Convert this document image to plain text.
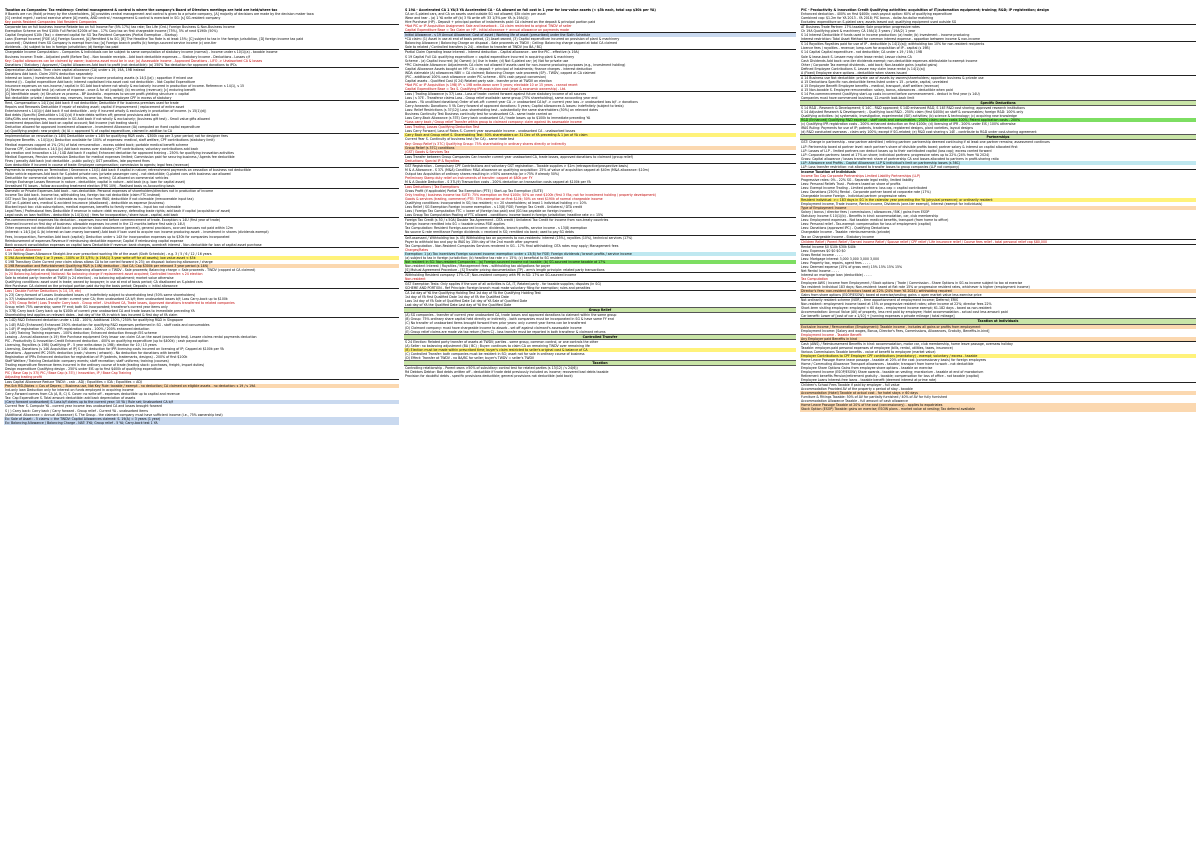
Taxation as Companies: Tax residency: Central management & control is where the company's Board of Directors meetings are held are held/where tax
If Boards are run (Hold) primary by the shareholders, [A] provides central management and control is given to a private company, [A] majority of decisions are made by the decision maker taxa
[G] central mgmt / control exercise where [A] meets, AND central / management & control is exercised in SG: [s] SG-resident company
Key points Resident Companies: Not Resident Companies
Corporate tax on full business income Rebate tax on full Income For (5% 17%) tax rate; Tax Life (Ord.) Foreign Business & Non-Business Income
Exemption Scheme on first $100k Full Partial $200k of tax - 17% Corp tax on first chargeable income (75%), 5% of next $190k (50%)
Capital Employed $10k (Tax) = deemed capital for SG Tax Resident Companies (Partial Exemption - Startup)
Loan (Exempt Income) [FSIE (A)] Foreign Sourced, [A] Remitted $ to SG; [B] The Headline Tax Rate is at least 15%; [C] subject to tax in the foreign jurisdiction, [D] foreign income tax paid
(sourced) ; Dividend from SG Company is exempt from tax; [a] Foreign branch profits (b) foreign-sourced service income (c) one-tier
dividends - (b) subject to tax in foreign jurisdiction; (d) foreign tax paid
Chargeable Income Computation: - Companies & Individuals can be subject to same computation of statutory income (normal) - Income under s 10(1)(a) - taxable income
Business income: Trade - Adjusted profit (Before Tax) - Non taxable receipts - Add back deductible expenses ... Statutory Income - Deductions - Losses c/f
Key: Capital allowances can be claimed by owner; business asset must be in use; (a) Assessable income - Approved Donations - LIFO -> Unabsorbed CA & losses
Donations / Statutory / Approved / Capital Allowances Add back to profit (not deductible): (a) 250% Tax deduction for approved donations to IPCs
Depreciation Add back. Then claim capital allowance (CA) under s 19, 19A, 19B instead
Donations Add back. Claim 250% deduction separately
Interest on loans / investments Add back if loan for non-income producing assets (s 14(1)(a)) ; apportion if mixed use
Interest (i) - Capital expenditure Add back; interest capitalised into asset cost not deductible: - Not Capital Expenditure
Insurance expenses on non-income / capital in SG Add back where not wholly & exclusively incurred in production of income. Reference: s 14(1), s 15
[A] Revenue vs capital test: (a) nature of expense - once & for all (capital); (b) recurring (revenue); [c] enduring benefit
[D] Identifiable asset; (e) Structure vs process - BP Australia - expenses to secure profit-yielding structure = capital
Not deductible: private / domestic exp, reserves, income tax, fines, employee CPF in excess of statutory
Rent, Compensation s 14(1)(a) Add back if not deductible; Deductible if for business premises used for trade
Repairs and Renewals Deductible if repair of existing asset; capital if improvement / replacement of entire asset
Entertainment s 14(1)(r) Add back if not deductible - only if incurred wholly & exclusively in production of income. (s 15(1)(d))
Bad debts (Specific) Deductible s 14(1)(d) if trade debts written off; general provisions add back
Gifts/Gifts and employees, recoverable in SG Add back if not wholly & exclusively; (business gift test) - Small value gifts allowed
Investment deposition Add back on capital account; Not income (not trading stock)
Deduction allowed for approved investment allowance - Investment Allowance (IA) computed on fixed capital expenditure
(a) Qualifying project: new project; (b) IA = approved % of capital expenditure, claimed in addition to CA
Implementation on renovation (s 14N) Deductible under s 14N for qualifying R&R costs - $300k cap per 3-year period; not for designer fees
Employee Benefits - s 14(1)(a) Deduction available for 100% of expenses: medical, staff welfare, CPF contributions (statutory limit)
Medical expenses capped at 1% (2%) of total remuneration - excess added back; portable medical benefit scheme
Escrow CPF, Contributions s 14(1)(c) Add back excess over statutory CPF contributions; voluntary contributions add back
Job creation and Innovation s 14 / 14D Add back if capital; Enhanced deduction for approved training - 250% for qualifying innovation activities
Medical Expenses, Pension commission Deduction for medical expenses limited; Commission paid for securing business / Agents fee deductible
Fines / penalty Add back (not deductible - public policy); GST penalties, late payment fines
Sum deductible if incurred in course of trade: Employee compensation; commission to agents; legal fees (revenue)
Payments to employees on Termination / Severance s 14(1) Add back if capital in nature; retrenchment payments on cessation of business not deductible
Motor vehicle expenses Add back for S-plated private cars (private passenger cars) - not deductible; Q-plated cars with business use allowed
Deductible for commercial vehicles (goods vehicles, vans, lorries); CA allowed on commercial vehicles
Foreign Exchange Losses Revenue in nature - deductible; capital in nature - add back (e.g. loan for capital asset)
Unrealised FX losses - follow accounting treatment election (FRS 109) - Realised basis vs Accounting basis
Domestic or Private Expenses Add back - non-deductible. Personal expenses of shareholders/directors not in production of income
Income Tax Add back. Income tax, withholding tax, foreign tax not deductible (claim FTC instead)
GST Input Tax (paid) Add back if claimable as input tax from IRAS; deductible if not claimable (irrecoverable input tax)
GST on S-plated cars, medical & accident insurance (disallowed) - deductible as expense (business)
Blocked input tax: club subscriptions, medical expenses, benefits to family members - Input tax not claimable
Legal Fees / Professional fees Deductible if revenue in nature: debt recovery, defending trade rights; add back if capital (acquisition of asset)
Legal costs on loan facilities - deductible (s 14(1)(a)) ; fees for incorporation / share issue - capital, add back
Pre-commencement expenses No deduction - expenses incurred before commencement of trade. Exception: s 14U (first year of trade)
Deemed incurred on first day of business: allowable expenses incurred in the 12 months before first sale (s 14U)
Other expenses not deductible Add back: provision for stock obsolescence (general), general provisions, accrued bonuses not paid within 12m
(Interest: s 14(1)(a) & (b) interest on loan money borrowed) Add back if loan used to acquire non income producing asset: - investment in shares (dividends exempt)
Fees, Incorporation, Formation Add back (capital); Deduction under s 14X for incorporation expenses up to $30k for companies incorporated
Reimbursement of expenses Revenue if reimbursing deductible expense; Capital if reimbursing capital expense
Bank account consolidation expenses on capital loans Deductible if revenue: bank charges, overdraft interest - Non-deductible for loan of capital asset purchase
Loss Capital Allowance
S 19 Writing Down Allowance Straight-line over prescribed working life of the asset (Sixth Schedule) - e.g. 3 / 5 / 6 / 12 / 16 years
S 19A Accelerated Only 1 or 3 years - 100% or 33 1/3%; (s 19A(1) 3-year write off for all assets); low value asset < $5k
S 19B Transitory Claim Current year claim allows allows CA to be carried forward (s 23); on disposal: balancing allowance / charge
S 19B Renovation and Refurbishment Qualifying R&R (s 14N) deduction - Not CA; Cap $300k per relevant 3 year period (s 14N)
Balancing adjustment on disposal of asset: Balancing allowance = TWDV - Sale proceeds; Balancing charge = Sale proceeds - TWDV (capped at CA claimed)
(s 20 Balancing Adjustment) Notional: No balancing charge if replacement asset acquired; Controlled transfer: s 24 election
Sale to related party: transfer at TWDV (s 24 election) - no balancing adjustment; market value otherwise
Qualifying conditions: asset used in trade; owned by taxpayer; in use at end of basis period; CA disallowed on S-plated cars
Hire Purchase: CA claimed on the principal portion paid during the basis period; Deposits = initial allowance
Loss / Double Further Deductions (s 14, 19, etc)
(s 23) Carry-forward of Losses Unabsorbed losses c/f indefinitely subject to shareholding test (50% same shareholders)
(s 37) Unabsorbed losses Loss c/f order: current year CA; then unabsorbed CA b/f; then unabsorbed losses b/f; Loss Carry-back up to $100k
(s 37E) Group Relief / Loss Transfer Carry back - Group relief - Unutilised CA, Trade losses, Approved donations transferred to related companies
Group relief: 75% ownership; same FY end; both SG incorporated; transferor's current year items only
(s 37B) Carry back Carry back up to $100k of current year unabsorbed CA and trade losses to immediate preceding YA
Shareholding test applies on relevant dates - last day of the YA in which loss incurred & first day of YA claim
(s 14D) R&D Enhanced deduction under s 14D - 100%; Additional 150% / 250% for qualifying R&D in Singapore
(s 14E) R&D (Enhanced) Enhanced 250% deduction for qualifying R&D expenses performed in SG - staff costs and consumables
(s 14F) IP registration Qualifying IPR registration costs - 100% / 200% enhanced deduction
(s 14H) Training Training expenses - 100% deduction; Enhanced deduction through EIS scheme
Leasing - Annual allowance (s 19) Hire Purchase equipment Only lessor can claim CA on the asset (ownership test). Lessee claims rental payments deduction
PIC - Productivity & Innovation Credit Enhanced deduction - 400% on qualifying expenditure (up to $400k) ; cash payout option
Licensing, Royalties (s 19B) Qualifying IP - 5 year write-down (s 19B); election for 10 / 15 years
Licensing, Donations (s 14K Acquisition of IP) S 14K: deduction for IPR licensing costs incurred on licensing of IP; Capped at $100k per YA
Donations - Approved IPC 250% deduction (cash / shares / artwork) - No deduction for donations with benefit
Registration of IPRs Enhanced deduction for registration of IP (patents, trademarks, designs) - 200% of first $100k
Staff Welfare / Training Deductible: company events; staff recreation; staff uniforms; training (courses)
Trading expenditure Revenue items incurred in the ordinary course of trade (trading stock: purchases, freight, import duties)
Design expenditure Qualifying design - 250% under EIS up to first $400k of qualifying expenditure
PIC / Base Cap (s 37I) PIC / Base Cap (s 37I) / Innovation, IP / Base Cap Training
Adjusting trading profit
Loss Capital Allowance Reduce TWDV: - calc - ADJ ; Equalities = IDA ; Equalities = ADJ
Pre-Sch RSL/Notes = Cos of Deprec, ; Business use, Not Key Rule: taxable / exempt - no deduction; CA claimed on eligible assets - no deduction: s 19 / s 19A
Ind-only loan Deduction only for interest on funds employed in acquiring income
Carry-Forward comes from CA (A, B, C) S. Cover: no write off - expenses deductible up to capital and revenue
Tax: Cap Expenditure S. Total amount deductible: add back depreciation of assets
(Carry forward unabsorbed) S. Loss b/f claims up to the current year: 10 YA / Rule set; Unabsorbed CA b/f
Current Year S. Compute YA - current year income less unabsorbed CA and losses brought forward
S ( ) Carry back: Carry back / Carry forward - Group relief - Current YA - unabsorbed items
(Additional Allowance = Annual Allowance) S. The Group - the claimant company must have sufficient income (i.e., 75% ownership test)
Ex: Sale of Asset: - 5 claims = the TWDV: Capital Allowances claimed: S. 19(A) = 3 years (1 year)
Ex: Balancing Allowance / Balancing Charge - NAT: 3YA; Group relief - 5 YA; Carry-back test 1 YA
S 19A - Accelerated CA 1 YA/3 YA Accelerated CA - CA allowed on full cost in 1 year for low-value assets (< $5k each, total cap $30k per YA)
CA on S-plated cars, and CA on assets used outside SG not allowed; $5k claim per asset
Wear and tear - (a) 1 YA write off (b) 3 YA write off: 33 1/3% per YA (s 19A(1))
Hire Purchase (HP) - Deposit + principal portion of instalments paid: CA claimed on the deposit & principal portion paid
*Not PIC or IP Acquisition Assignment Sale and leaseback - CA claim restricted to original TWDV of seller
Capital Expenditure Base = Tax Claim on HP - initial allowance + annual allowance on payments made
Initial Allowance - s 19 Annual Allowance: Cost of asset / Working life of asset (prescribed) under the Sixth Schedule
*CA claim: (1) Asset in use at end of basis period, (2) Asset owned, (3) Capital expenditure incurred on provision of plant & machinery
Balancing Allowance / Balancing Charge on disposal - Sale proceeds vs TWDV ; Ceiling: Balancing charge capped at total CA claimed
Sale to related / Controlled transfers (s 24) - election to transfer at TWDV (no BA / BC)
Partial Claim Operating lease interest - Interest deduction - Capital allowance - see the PIC - effective (s 19A)
S 19 Capital Full CA: qualifying expenditure = capital expenditure incurred in acquiring plant & machinery
Scheme - (a) Capital incurred; (b) Owned; (c) Use in trade; (d) Not S-plated car; (e) Not for private use
*PIC Claimable Allowance: Adjustments CA claim not allowed if assets used for non-income producing purposes (e.g., investment holding)
Capital Allowance Assets bought on HP: CA = deposit + principal of instalments; finance charges - interest deduction
WDA claimable (A) allowances NBV = CA claimed; Balancing Charge: sale proceeds (SP) - TWDV, capped at CA claimed
(PIC - additional 100% cash allowance under PIC scheme - 60% cash payout conversion)
Capital assets - Qualified Cost (S 24) Related party sale - transfer price at TWDV on election
*Not PIC or IP Acquisition (s 19B) IP: s 19B write-down over 5 years; electable 10 or 15 years - cannot revert
Capital Expenditure Base = Tax S. Qualifying IPR acquisition cost (legal & economic ownership) - Ltd.
Loss / Trading Allowance (s 37) Loss - Loss of trade: carried forward against future statutory income of all sources
Loss / s 37E - Transferor claims Loss - Group relief available: same group (75% shareholding), same accounting year end
(Losses - YA unutilised donations) Order of set-off: current year CA -> unabsorbed CA b/f -> current year loss -> unabsorbed loss b/f -> donations
Carry-forwards: Donations: 5 YA Carry forward of approved donations: 5 years; Capital allowances & losses: indefinitely (subject to tests)
Loss: Relief Restrictions (s 37(12)) Loss: shareholding test - substantially the same shareholders (50%) on relevant dates
Business Continuity Test Business continuity test for unabsorbed CA - same trade carried on
Loss Carry-Back Allowance (s 37E) Carry back unabsorbed CA / trade losses up to $100k to immediate preceding YA
*Loss carry back / Group relief Transfer within group to claimant company: claim against its assessable income
Loss Trading, Losses Qualifying Deduction Test
Loss Carry Forward, Loss of Rates S. Current year assessable income - unabsorbed CA - unabsorbed losses
Carry Back and Group relief S. Shareholding Test: 50% shareholders on 31 Dec of YA preceding & 1 Jan of YA claim
Current Year S. Continuity of business test (for CA) - same trade test
Key: Group Relief (s 37C) Qualifying Group: 75% shareholding in ordinary shares directly or indirectly
Group Relief (s 37C) conditions
(GST) Goods & Services Tax
Loss Transfer between Group Companies Can transfer current year unabsorbed CA, trade losses, approved donations to claimant (group relief)
Deductions: Special IP & Royalties
GST Registration - Compulsory CPF Contributions and voluntary GST registration - Taxable supplies > $1m (retrospective/prospective basis)
M & A Allowance - S 37L (M&A) Condition: M&A allowance on qualifying acquisition: 25% of value of acquisition capped at $40m (M&A allowance: $10m)
Output tax Acquisition of ordinary shares resulting in >50% ownership (or >75% if already 50%)
Preliminary Stamp duty relief on instruments of transfer: capped at $80k per FY
M & A Double Deduction - S 37L(9) Transaction costs - 200% deduction on transaction costs capped at $100k per YA
Loss Deductions / Tax Exemptions
Gross Profit (if applicable) Partial Tax Exemption (PTE) / Start-up Tax Exemption (SUTE)
Only trading / business income tax SUTE: 75% exemption on first $100k; 50% on next $100k (first 3 YAs; not for investment holding / property development)
Goods & services (trading, commerce) PTE: 75% exemption on first $10k; 50% on next $190k of normal chargeable income
Qualifying conditions: incorporated in SG; tax resident; <= 20 shareholders; at least 1 individual holding >= 10%
Less Relief / SG Exemption Foreign income exemption - s 13(8) FSIE; Foreign Tax Credit - Unilateral / DTA credit
Loss / Foreign Tax Computation FTC = lower of (foreign tax paid) and (SG tax payable on foreign income)
Loss Group Tax Computation Pooling of FTC allowed - conditions: income taxed in foreign jurisdiction; headline rate >= 15%
Foreign Tax Credit (s 50 / s 50A) Double Tax Agreement - DTA credit / Unilateral Tax Credit for income from non-treaty countries
Foreign income remitted into SG = taxable unless FSIE applies
Tax Computation: Resident Foreign-sourced income: dividends, branch profits, service income - s 13(8) exemption
No source & rate remittance Foreign dividends = received in SG; remitted via bank; used to pay SG debts
Self-assessed / Withholding tax (s 45) Withholding tax on payments to non-residents: interest (15%), royalties (10%), technical services (17%)
Payer to withhold tax and pay to IRAS by 15th day of the 2nd month after payment
Tax Computation - Non-Resident Companies Services rendered in SG - 17% final withholding; DTA rates may apply; Management fees
Charges/Rates
Exemption: 1 (a) Tax incentives Foreign sourced income: exemption under s 13(8) for FSIE; Foreign dividends / branch profits / service income
(a) subject to tax in foreign jurisdiction; (b) headline tax rate >= 15%; (c) beneficial to SG resident
Not resident in SG: Non-resident Companies - (a) Foreign-sourced income not taxable; (b) SG-sourced income taxable at 17%
Non-resident Interest / Royalties / Management fees - withholding tax obligations for payer
[S] Mutual Agreement Procedure - [S] Transfer pricing documentation (TP) - arm's length principle: related party transactions
Withholding Resident company: 17% CIT; Non-resident company with PE in SG: 17% on SG-sourced income
Non-resident
GST Exemption Tests: Only applies if the sum of all activities is CA, IT, Related party - for taxable supplies; disputes (in SG)
SCHEME AND PORTION - Ref Principle: Foreign branch must make voluntary filing for exemption; rules and penalties
CA 1st day of YA the Qualifying Holding Test 1st day of YA the Qualifying Holding Test
1st day of YA first Qualified Date 1st day of YA the Qualified Date
Loss 1st day of YA Sale of Qualified Date 1st day of YA Sale of Qualified Date
Last day of YA the Qualified Date Last day of YA the Qualified Date
Group Relief
(A) SG companies - transfer of current year unabsorbed CA, trade losses and approved donations to claimant within the same group
(B) Group: 75% ordinary share capital held directly or indirectly - both companies must be incorporated in SG & have same FY end
(C) No transfer of unabsorbed items brought forward from prior years: only current year items can be transferred
(D) Claimant company: must have chargeable income to absorb - set off against claimant's assessable income
(E) Group relief claims are made via tax return (Form C) - loss transfer must be reported in both transferor & claimant returns
Controlled Transfer
S 24 Election: Related party transfer of assets at TWDV; parties - same group, common control, or one controls the other
(A) Seller: no balancing adjustment (BA / BC) ; Buyer: continues to claim CA on remaining TWDV over remaining life
(B) Election must be made within prescribed time; buyer's claim restricted to seller's original cost & balance of CA
(C) Controlled Transfer: both companies must be resident in SG; asset not for sale in ordinary course of business
(D) Effect: Transfer at TWDV - no BA/BC for seller; buyer's TWDV = seller's TWDV
Taxation
Controlling relationship - Parent owns >50% of subsidiary: control test for related parties (s 13(12) / s 24(6))
Rd Debtors Debtor: Bad debts written off - deductible if trade debt previously included as income; recovered bad debts taxable
Provision for doubtful debts - specific provisions deductible; general provisions not deductible (add back)
PIC - Productivity & Innovation Credit Qualifying activities: acquisition of IT/automation equipment; training; R&D; IP registration; design
Enhanced deduction - 400% on first $400k; cash payout option: 60% of qualifying expenditure
Combined cap: $1.2m for YA 2013 - YA 2018; PIC bonus - dollar-for-dollar matching
Excludes: expenditure on S-plated cars; assets leased out; qualifying equipment used outside SG
AT Business Trade Partner: 17% taxable; Sole proprietor: progressive rates
Ch 19A Qualifying plant & machinery CA 19A(1) 3 years / 19A(2) 1 year
S 14 Interest Deductible if funds used in income production: (a) trade; (b) investment - income producing
Interest restriction: Total Asset Method for common interest expense - apportion between income & non-income
S 14 Royalties Royalties paid for use of IP - deductible (s 14(1)(a)); withholding tax 10% for non-resident recipients
Licence fees / royalties - revenue; lump-sum for acquisition of IP - capital (s 19B)
S 14 Capital Capital expenditure - not deductible; CA under s 19 / 19A / 19B
Sale & lease-back S. Lessee may claim lease rental; Lessor claims CA
Cash Dividends Add back: one-tier dividends exempt; non-deductible expenses attributable to exempt income
Other / Corporate Tax exempt dividends - add back; Non-taxable gains (capital gains)
Defined Employee Contributions S. Lessee may claim lease rental (s 14(1)(a))
A (Fixed) Employee share options - deductible when shares issued
A 14 Business use Not deductible: private use of assets by owners/shareholders; apportion business & private use
A 15 Deductions Specific non-deductible items listed under s 15 - private, capital, unrelated
A 15 Employee Benefit Employee benefits - medical, transport, staff welfare (revenue)
A 15 Non-taxable S. Employee remuneration: salary, bonus, allowances - deductible when paid
S 14 Pre-commencement Qualifying start-up costs incurred before commencement - deduct in first year (s 14U)
Companies must have commenced business; 12-month look-back limit
Specific Deductions
S 14 R&D - Research & Development; S 14C - R&D approved; S 14D enhanced R&D, S 14E R&D cost sharing; approved research institutions
S 14 Adjusted Research & Development; - Qualifying local R&D - 250% claim (first $400k) on staff & consumables; foreign R&D: 100% only
Qualifying activities: (a) systematic, investigative, experimental (SIE) activities; (b) science & technology; (c) acquiring new knowledge
R&D (Enhanced) Qualifying R&D expense - staff costs and consumables - 250% claim; other costs 100%; Patent application costs - 200%
(c) Qualifying IPR registration costs - 200% enhanced deduction on first $100k; (d) licensing of IPR - 200% under EIS / 100% otherwise
IRAS Ruling: Payments for use of IP; patents, trademarks, registered designs, plant varieties, layout designs
(d) R&D conducted overseas - claim only 100%; except if SG-related; (e) R&D cost sharing s 14E - contribute to R&D under cost-sharing agreement
Partnerships
GST: Change in partnership - new partner admitted / retiring partner: partnership deemed continuing if at least one partner remains; assessment continues
LLP: Partnership taxed at partner level: each partner's share of divisible profits taxed; partner salary & interest on capital allocated first
LLP: Losses of LLP - limited partners can deduct losses up to their contributed capital (loss cap); excess carried forward
LLP: Corporate partners: taxed at 17% on share; individual partners: progressive rates up to 22% (24% from YA 2024)
Gross: Capital allowance / losses transferred: share of partnership CA and losses allocated to partners in profit-sharing ratio
LLP: Allowance and Profits - Capital Allowance: LLP & individual's limit on partnership losses (s 36C)
LLP: Loss transfer restriction: not allowed to transfer losses to group companies (LLP not company)
Income Taxation of Individuals
Income Tax Cap Corporate Partnerships Limited Liability Partnerships (LLP)
Progressive rates: 0% - 22% SG - Separate legal entity, limited liability
Less: Personal Reliefs Trust - Partners taxed on share of profits
Less: Exempt Income Trading - Limited partners: loss cap = capital contributed
Less: Donations (250%) Rental - Corporate partner taxed at corporate rate (17%)
Chargeable Income Foreign - Individual partner: progressive rates
Resident individual: >= 183 days in SG in the calendar year preceding the YA (physical presence); or ordinarily resident
Employment income, Trade income, Rental income, Dividends (one-tier exempt), Interest (exempt for individuals)
Type of Employment Income
Salary / bonus / director fees / commissions / allowances / BIK / gains from ESOP
Statutory Income S 10(1)(b) - Benefits in kind: accommodation, car, club membership
Less: Employment expenses - Not taxable: medical benefits, transport (from home to office)
Less: Personal relief - Tax-exempt: compensation for loss of employment (capital)
Less: Donations (approved IPC) - Qualifying Deductions
Chargeable Income - Taxable: reimbursements (private)
Tax on Chargeable Income - Statutory income
Children Relief / Parent Relief / Earned income Relief / Spouse relief / CPF relief / Life insurance relief / Course fees relief - total personal relief cap $80,000
Rental Income $0 $10k $30k $40k
Less: Expenses $0 $0 $0 $0
Gross Rental income - - - -
Less: Mortgage interest 3,000 3,000 3,000 3,000
Less: Property tax, repairs, agent fees - - - -
Less: Deemed expense (15% of gross rent) 15% 15% 15% 15%
Net Rental Income - - - -
Interest on mortgage loan (deductible) - - - -
Tax Computation
Employee AWS / Income from Employment / Stock options / Trade / Commission - Share Options in SG as income subject to tax at exercise
Tax resident: Individual 183 days; Non-resident: taxed at flat rate 15% or progressive resident rates, whichever is higher (employment income)
Director's fees: non-resident directors taxed at 22% (24% from YA 2024); withholding required
Gains from share options (ESOP/ESOW): taxed at exercise/vesting; gains = open market value less exercise price
Not ordinarily resident scheme (NOR) - time apportionment of employment income; Deferral; ERIS
Non-resident: employment income taxed at 15% or progressive resident rates; other income at 22%; director fees 22%
Short-term visiting employee: employed < 60 days - employment income exempt; 61-182 days - taxed as non-resident
Accommodation: Annual Value (AV) of property, less rent paid by employee; Hotel accommodation - actual cost less amount paid
Car benefit: Lower of [cost of car x 1/10] + [running expenses x private mileage / total mileage]
Taxation at Individuals
Exclusive Income / Remuneration (Employment): Taxable income - includes all gains or profits from employment
Employment Income: [Salary and wages, Bonus, Director's Fees, Commissions, Allowances, Gratuity, Benefits-in-kind]
Employment Income - Taxable Benefit
Any Employer paid Benefits in kind
Cash (AWS) / Reimbursement Benefits in kind: accommodation, motor car, club membership, home leave passage, overseas holiday
Taxable: employer-paid personal expenses of employee (bills, rental, utilities, taxes, insurance)
Various Commissions Taxable benefits - value of benefit to employee (market value)
Employer Contributions to CPF Employer CPF contributions (mandatory) - exempt; voluntary / excess - taxable
Home Leave Passage Home leave passage - taxable at 20% of the cost (concessionary basis) for foreign employees
Home / Commuting Allowance Transport allowances - taxable; transport from home to work - not deductible
Employee Share Options Gains from employee share options - taxable on exercise
Employment Income (ESOP/ESOW) Share awards - taxable on vesting; moratorium - taxable at end of moratorium
Retirement benefits Pension/retirement gratuity - taxable; compensation for loss of office - not taxable (capital)
Employee Loans Interest-free loans - taxable benefit (deemed interest at prime rate)
Children's School Fees Taxable if paid by employer - full value
Accommodation Provided AV of the property x period of stay - taxable
Accommodation (Hotel) Taxable at actual cost - for hotel stays > 60 days
Furniture & Fittings Taxable: 50% of AV for partially furnished / 40% of AV for fully furnished
Accommodation Allowance Taxable - full amount of cash allowance
Home Leave Passage Taxable at 20% of the cost (concessionary) - applies to expatriates
Stock Option (ESOP) Taxable: gains on exercise; ESOW plans - market value at vesting; Tax deferral available
